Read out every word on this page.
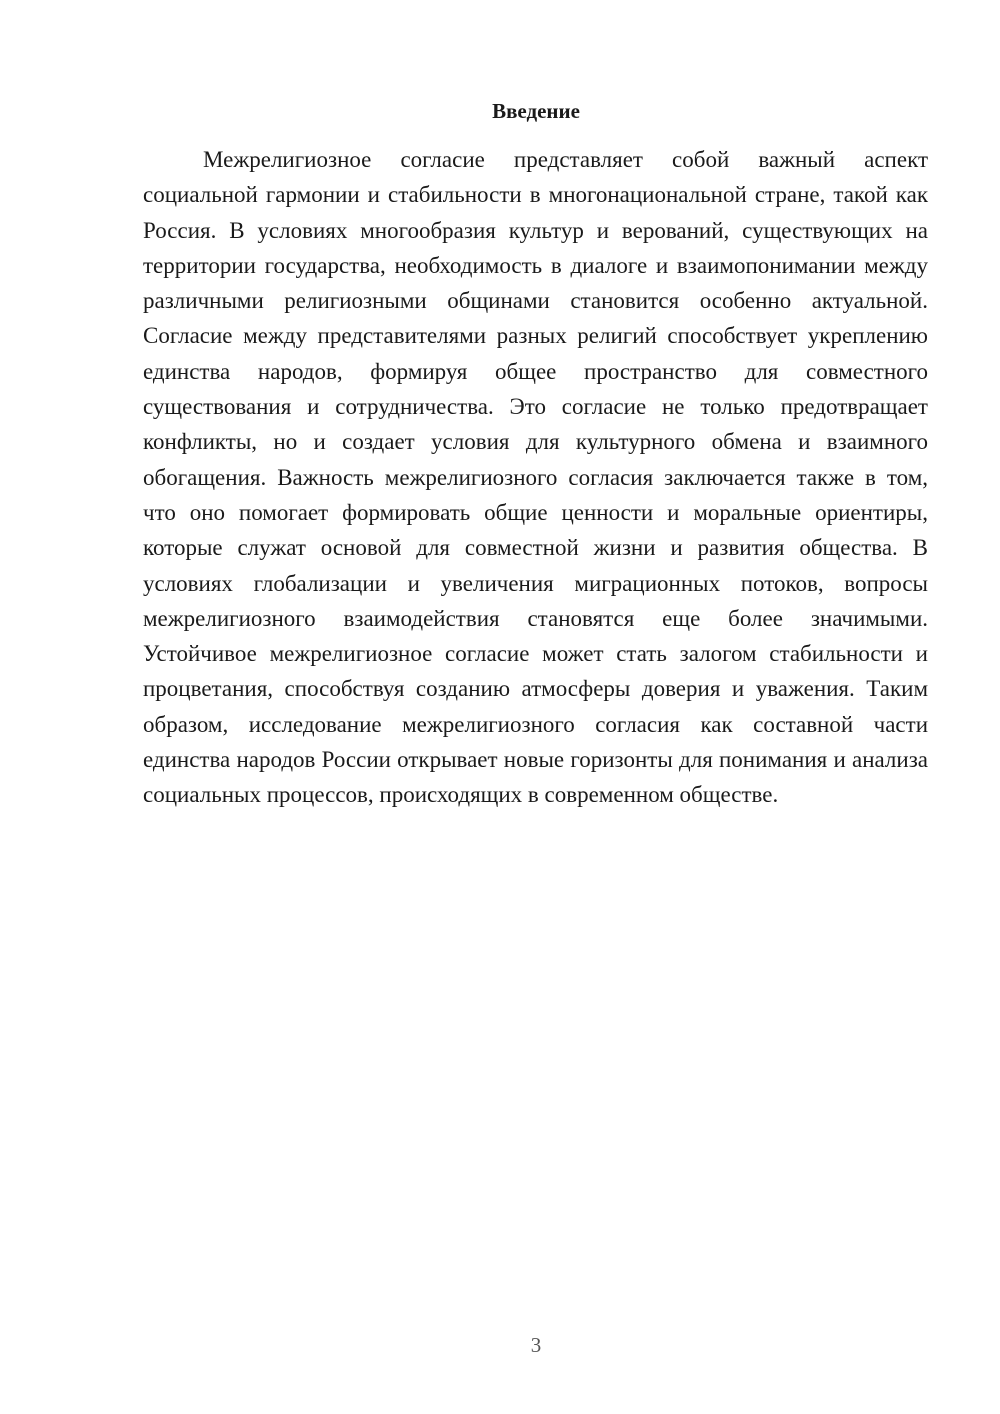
Введение

Межрелигиозное согласие представляет собой важный аспект социальной гармонии и стабильности в многонациональной стране, такой как Россия. В условиях многообразия культур и верований, существующих на территории государства, необходимость в диалоге и взаимопонимании между различными религиозными общинами становится особенно актуальной. Согласие между представителями разных религий способствует укреплению единства народов, формируя общее пространство для совместного существования и сотрудничества. Это согласие не только предотвращает конфликты, но и создает условия для культурного обмена и взаимного обогащения. Важность межрелигиозного согласия заключается также в том, что оно помогает формировать общие ценности и моральные ориентиры, которые служат основой для совместной жизни и развития общества. В условиях глобализации и увеличения миграционных потоков, вопросы межрелигиозного взаимодействия становятся еще более значимыми. Устойчивое межрелигиозное согласие может стать залогом стабильности и процветания, способствуя созданию атмосферы доверия и уважения. Таким образом, исследование межрелигиозного согласия как составной части единства народов России открывает новые горизонты для понимания и анализа социальных процессов, происходящих в современном обществе.

3
